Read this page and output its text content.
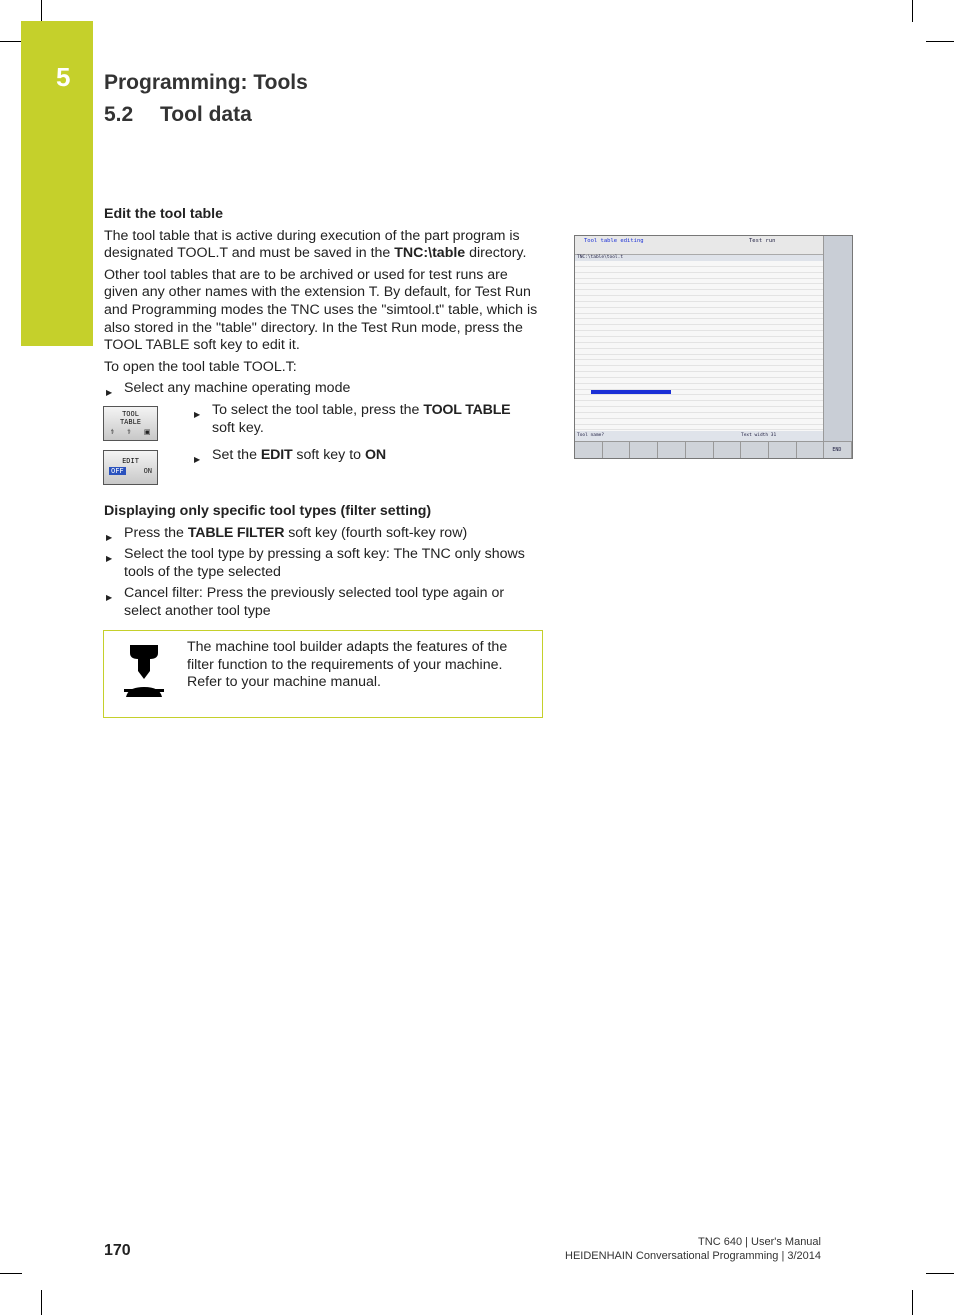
5 Programming: Tools
5.2 Tool data

Edit the tool table

The tool table that is active during execution of the part program is designated TOOL.T and must be saved in the TNC:\table directory.

Other tool tables that are to be archived or used for test runs are given any other names with the extension T. By default, for Test Run and Programming modes the TNC uses the "simtool.t" table, which is also stored in the "table" directory. In the Test Run mode, press the TOOL TABLE soft key to edit it.

To open the tool table TOOL.T:

▶ Select any machine operating mode

TOOL
TABLE
⚕ ⚕ ▣

▶ To select the tool table, press the TOOL TABLE soft key.

EDIT
OFF	ON

▶ Set the EDIT soft key to ON

Displaying only specific tool types (filter setting)

▶ Press the TABLE FILTER soft key (fourth soft-key row)

▶ Select the tool type by pressing a soft key: The TNC only shows tools of the type selected

▶ Cancel filter: Press the previously selected tool type again or select another tool type

The machine tool builder adapts the features of the filter function to the requirements of your machine. Refer to your machine manual.
Tool table editing	Test run
TNC:\table\tool.t
Tool name?	Text width 31
END
170	TNC 640 | User's Manual
HEIDENHAIN Conversational Programming | 3/2014
